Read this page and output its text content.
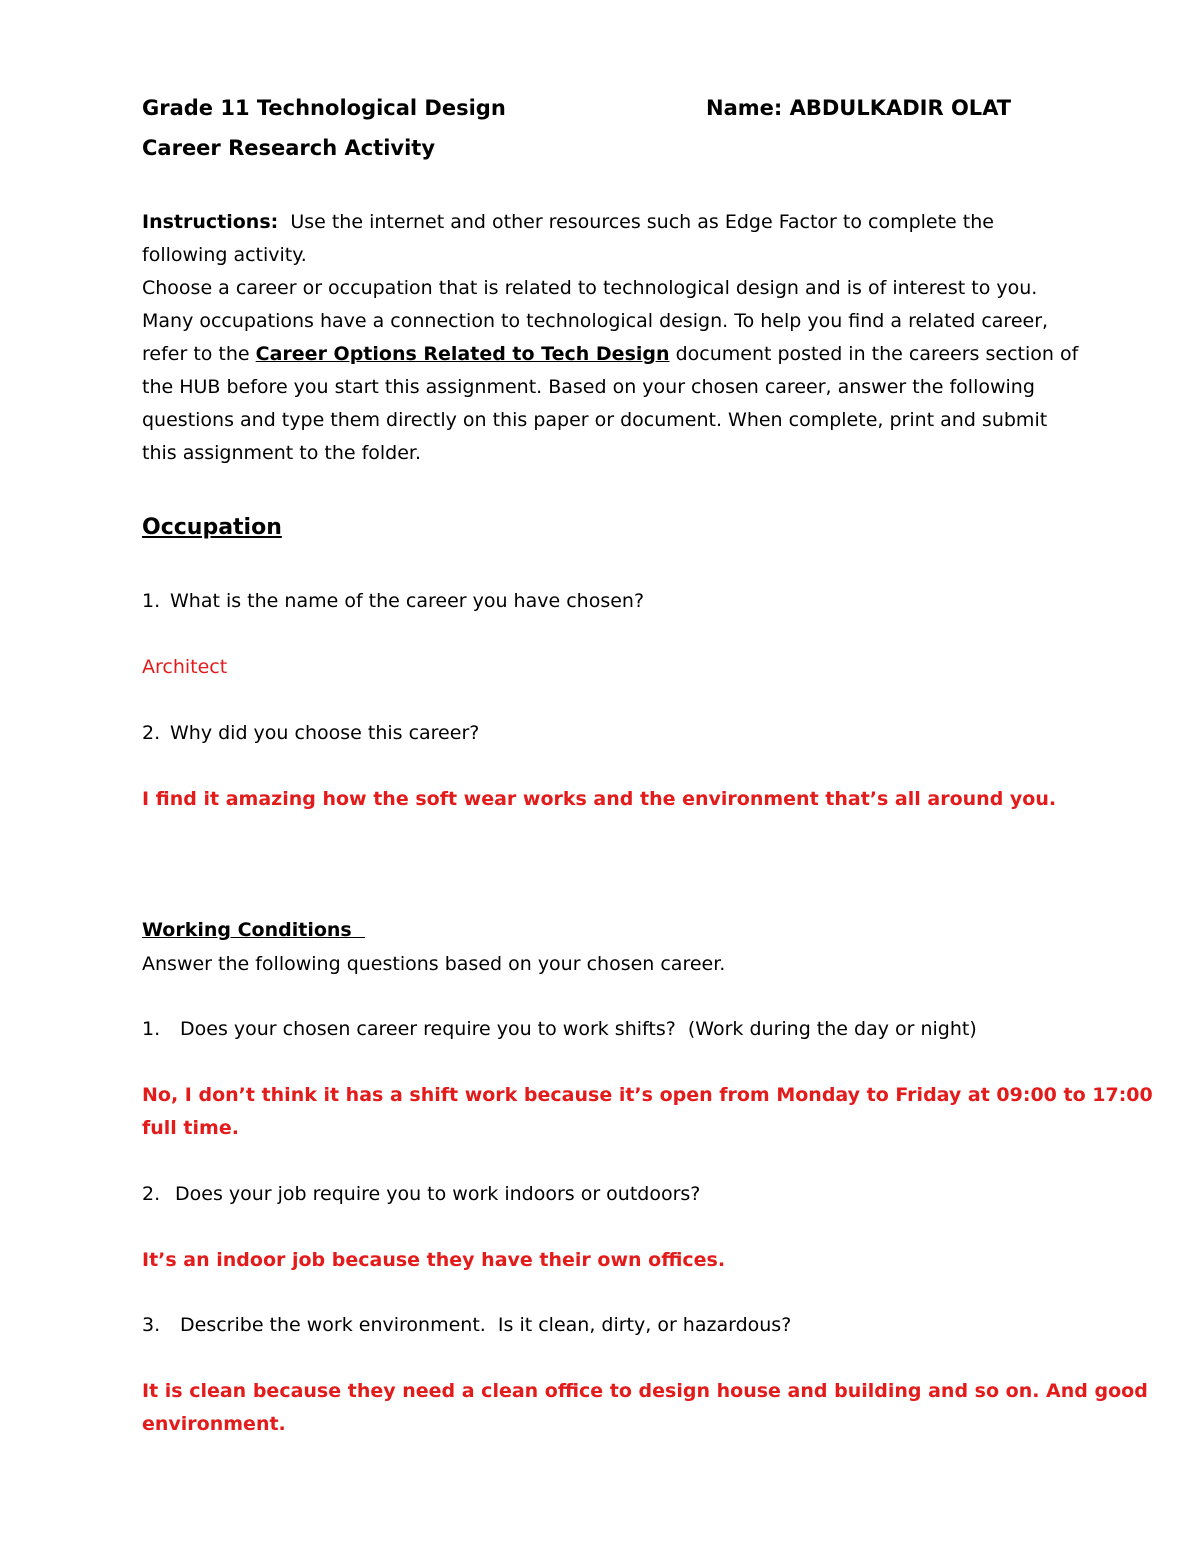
Grade 11 Technological Design	Name: ABDULKADIR OLAT
Career Research Activity
Instructions:  Use the internet and other resources such as Edge Factor to complete the
following activity.
Choose a career or occupation that is related to technological design and is of interest to you.
Many occupations have a connection to technological design. To help you find a related career,
refer to the Career Options Related to Tech Design document posted in the careers section of
the HUB before you start this assignment. Based on your chosen career, answer the following
questions and type them directly on this paper or document. When complete, print and submit
this assignment to the folder.
Occupation
1. What is the name of the career you have chosen?
Architect
2. Why did you choose this career?
I find it amazing how the soft wear works and the environment that’s all around you.
Working Conditions
Answer the following questions based on your chosen career.
1. Does your chosen career require you to work shifts?  (Work during the day or night)
No, I don’t think it has a shift work because it’s open from Monday to Friday at 09:00 to 17:00
full time.
2. Does your job require you to work indoors or outdoors?
It’s an indoor job because they have their own offices.
3. Describe the work environment.  Is it clean, dirty, or hazardous?
It is clean because they need a clean office to design house and building and so on. And good
environment.
